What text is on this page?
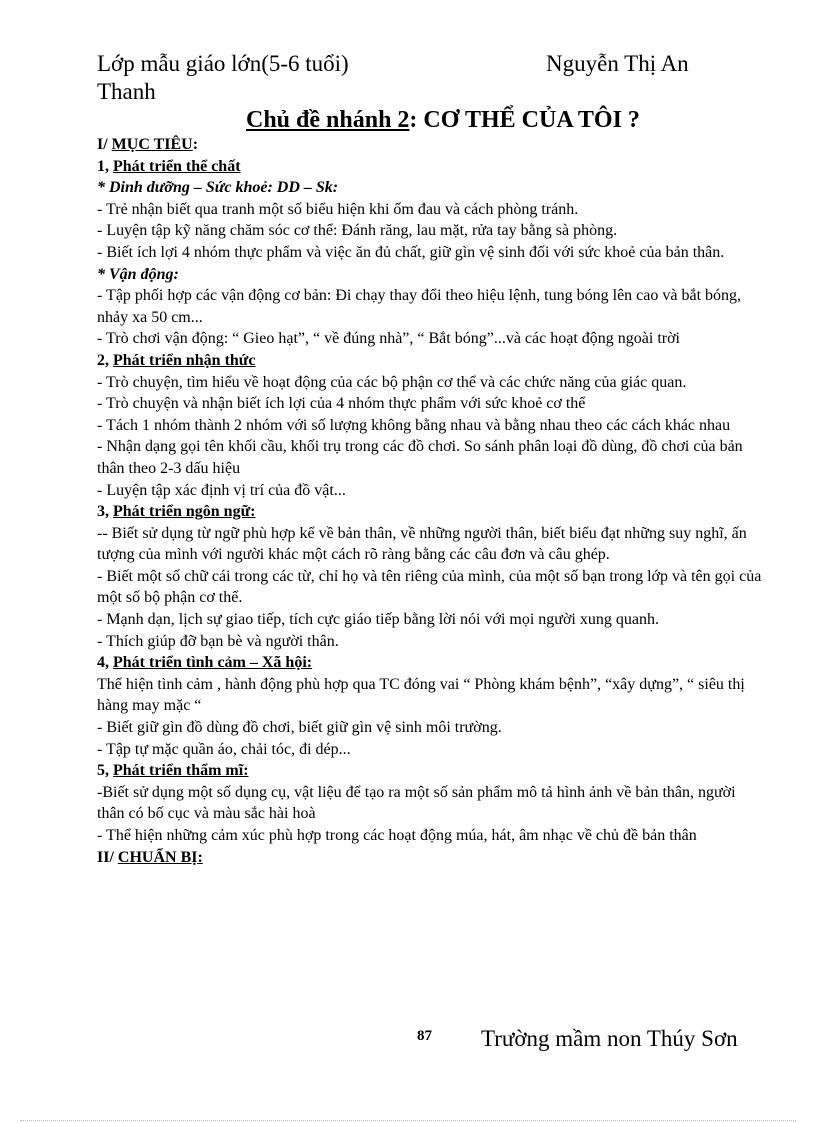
Lớp mẫu giáo lớn(5-6 tuổi)	Nguyễn Thị An
Thanh
Chủ đề nhánh 2: CƠ THỂ CỦA TÔI ?

I/ MỤC TIÊU:

1, Phát triển thể chất

* Dinh dưỡng – Sức khoẻ: DD – Sk:

- Trẻ nhận biết qua tranh một số biểu hiện khi ốm đau và cách phòng tránh.

- Luyện tập kỹ năng chăm sóc cơ thể: Đánh răng, lau mặt, rửa tay bằng sà phòng.

- Biết ích lợi 4 nhóm thực phẩm và việc ăn đủ chất, giữ gìn vệ sinh đối với sức khoẻ của bản thân.

* Vận động:

- Tập phối hợp các vận động cơ bản: Đi chạy thay đổi theo hiệu lệnh, tung bóng lên cao và bắt bóng, nhảy xa 50 cm...

- Trò chơi vận động: “ Gieo hạt”, “ về đúng nhà”, “ Bắt bóng”...và các hoạt động ngoài trời

2, Phát triển nhận thức

- Trò chuyện, tìm hiểu về hoạt động của các bộ phận cơ thể và các chức năng của giác quan.

- Trò chuyện và nhận biết ích lợi của 4 nhóm thực phẩm với sức khoẻ cơ thể

- Tách 1 nhóm thành 2 nhóm với số lượng không bằng nhau và bằng nhau theo các cách khác nhau

- Nhận dạng gọi tên khối cầu, khối trụ trong các đồ chơi. So sánh phân loại đồ dùng, đồ chơi của bản thân theo 2-3 dấu hiệu

- Luyện tập xác định vị trí của đồ vật...

3, Phát triển ngôn ngữ:

-- Biết sử dụng từ ngữ phù hợp kể về bản thân, về những người thân, biết biểu đạt những suy nghĩ, ấn tượng của mình với người khác một cách rõ ràng bằng các câu đơn và câu ghép.

- Biết một số chữ cái trong các từ, chỉ họ và tên riêng của mình, của một số bạn trong lớp và tên gọi của một số bộ phận cơ thể.

- Mạnh dạn, lịch sự giao tiếp, tích cực giáo tiếp bằng lời nói với mọi người xung quanh.

- Thích giúp đỡ bạn bè và người thân.

4, Phát triển tình cảm – Xã hội:

Thể hiện tình cảm , hành động phù hợp qua TC đóng vai “ Phòng khám bệnh”, “xây dựng”, “ siêu thị hàng may mặc “

- Biết giữ gìn đồ dùng đồ chơi, biết giữ gìn vệ sinh môi trường.

- Tập tự mặc quần áo, chải tóc, đi dép...

5, Phát triển thẩm mĩ:

-Biết sử dụng một số dụng cụ, vật liệu để tạo ra một số sản phẩm mô tả hình ảnh về bản thân, người thân có bố cục và màu sắc hài hoà

- Thể hiện những cảm xúc phù hợp trong các hoạt động múa, hát, âm nhạc về chủ đề bản thân

II/ CHUẨN BỊ:

87 Trường mầm non Thúy Sơn
